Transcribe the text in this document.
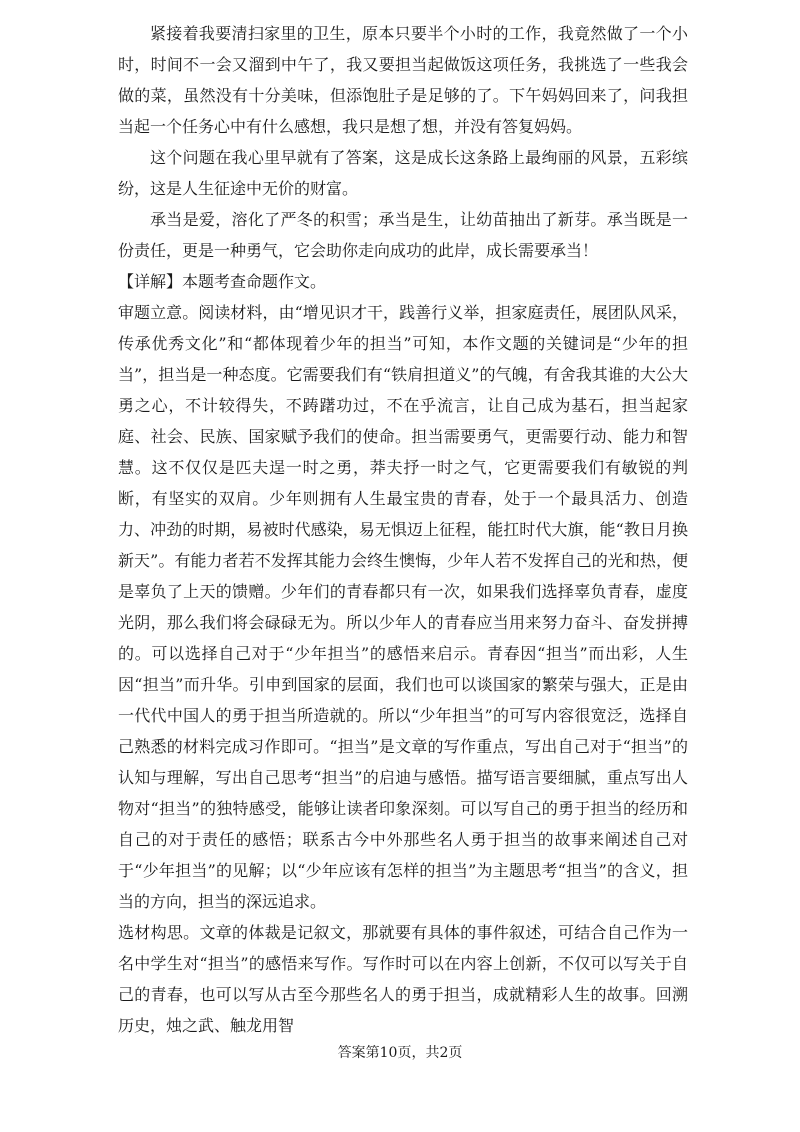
紧接着我要清扫家里的卫生，原本只要半个小时的工作，我竟然做了一个小时，时间不一会又溜到中午了，我又要担当起做饭这项任务，我挑选了一些我会做的菜，虽然没有十分美味，但添饱肚子是足够的了。下午妈妈回来了，问我担当起一个任务心中有什么感想，我只是想了想，并没有答复妈妈。

这个问题在我心里早就有了答案，这是成长这条路上最绚丽的风景，五彩缤纷，这是人生征途中无价的财富。

承当是爱，溶化了严冬的积雪；承当是生，让幼苗抽出了新芽。承当既是一份责任，更是一种勇气，它会助你走向成功的此岸，成长需要承当！

【详解】本题考查命题作文。

审题立意。阅读材料，由“增见识才干，践善行义举，担家庭责任，展团队风采，传承优秀文化”和“都体现着少年的担当”可知，本作文题的关键词是“少年的担当”，担当是一种态度。它需要我们有“铁肩担道义”的气魄，有舍我其谁的大公大勇之心，不计较得失，不踌躇功过，不在乎流言，让自己成为基石，担当起家庭、社会、民族、国家赋予我们的使命。担当需要勇气，更需要行动、能力和智慧。这不仅仅是匹夫逞一时之勇，莽夫抒一时之气，它更需要我们有敏锐的判断，有坚实的双肩。少年则拥有人生最宝贵的青春，处于一个最具活力、创造力、冲劲的时期，易被时代感染，易无惧迈上征程，能扛时代大旗，能“教日月换新天”。有能力者若不发挥其能力会终生懊悔，少年人若不发挥自己的光和热，便是辜负了上天的馈赠。少年们的青春都只有一次，如果我们选择辜负青春，虚度光阴，那么我们将会碌碌无为。所以少年人的青春应当用来努力奋斗、奋发拼搏的。可以选择自己对于“少年担当”的感悟来启示。青春因“担当”而出彩，人生因“担当”而升华。引申到国家的层面，我们也可以谈国家的繁荣与强大，正是由一代代中国人的勇于担当所造就的。所以“少年担当”的可写内容很宽泛，选择自己熟悉的材料完成习作即可。“担当”是文章的写作重点，写出自己对于“担当”的认知与理解，写出自己思考“担当”的启迪与感悟。描写语言要细腻，重点写出人物对“担当”的独特感受，能够让读者印象深刻。可以写自己的勇于担当的经历和自己的对于责任的感悟；联系古今中外那些名人勇于担当的故事来阐述自己对于“少年担当”的见解；以“少年应该有怎样的担当”为主题思考“担当”的含义，担当的方向，担当的深远追求。

选材构思。文章的体裁是记叙文，那就要有具体的事件叙述，可结合自己作为一名中学生对“担当”的感悟来写作。写作时可以在内容上创新，不仅可以写关于自己的青春，也可以写从古至今那些名人的勇于担当，成就精彩人生的故事。回溯历史，烛之武、触龙用智

答案第10页，共2页
